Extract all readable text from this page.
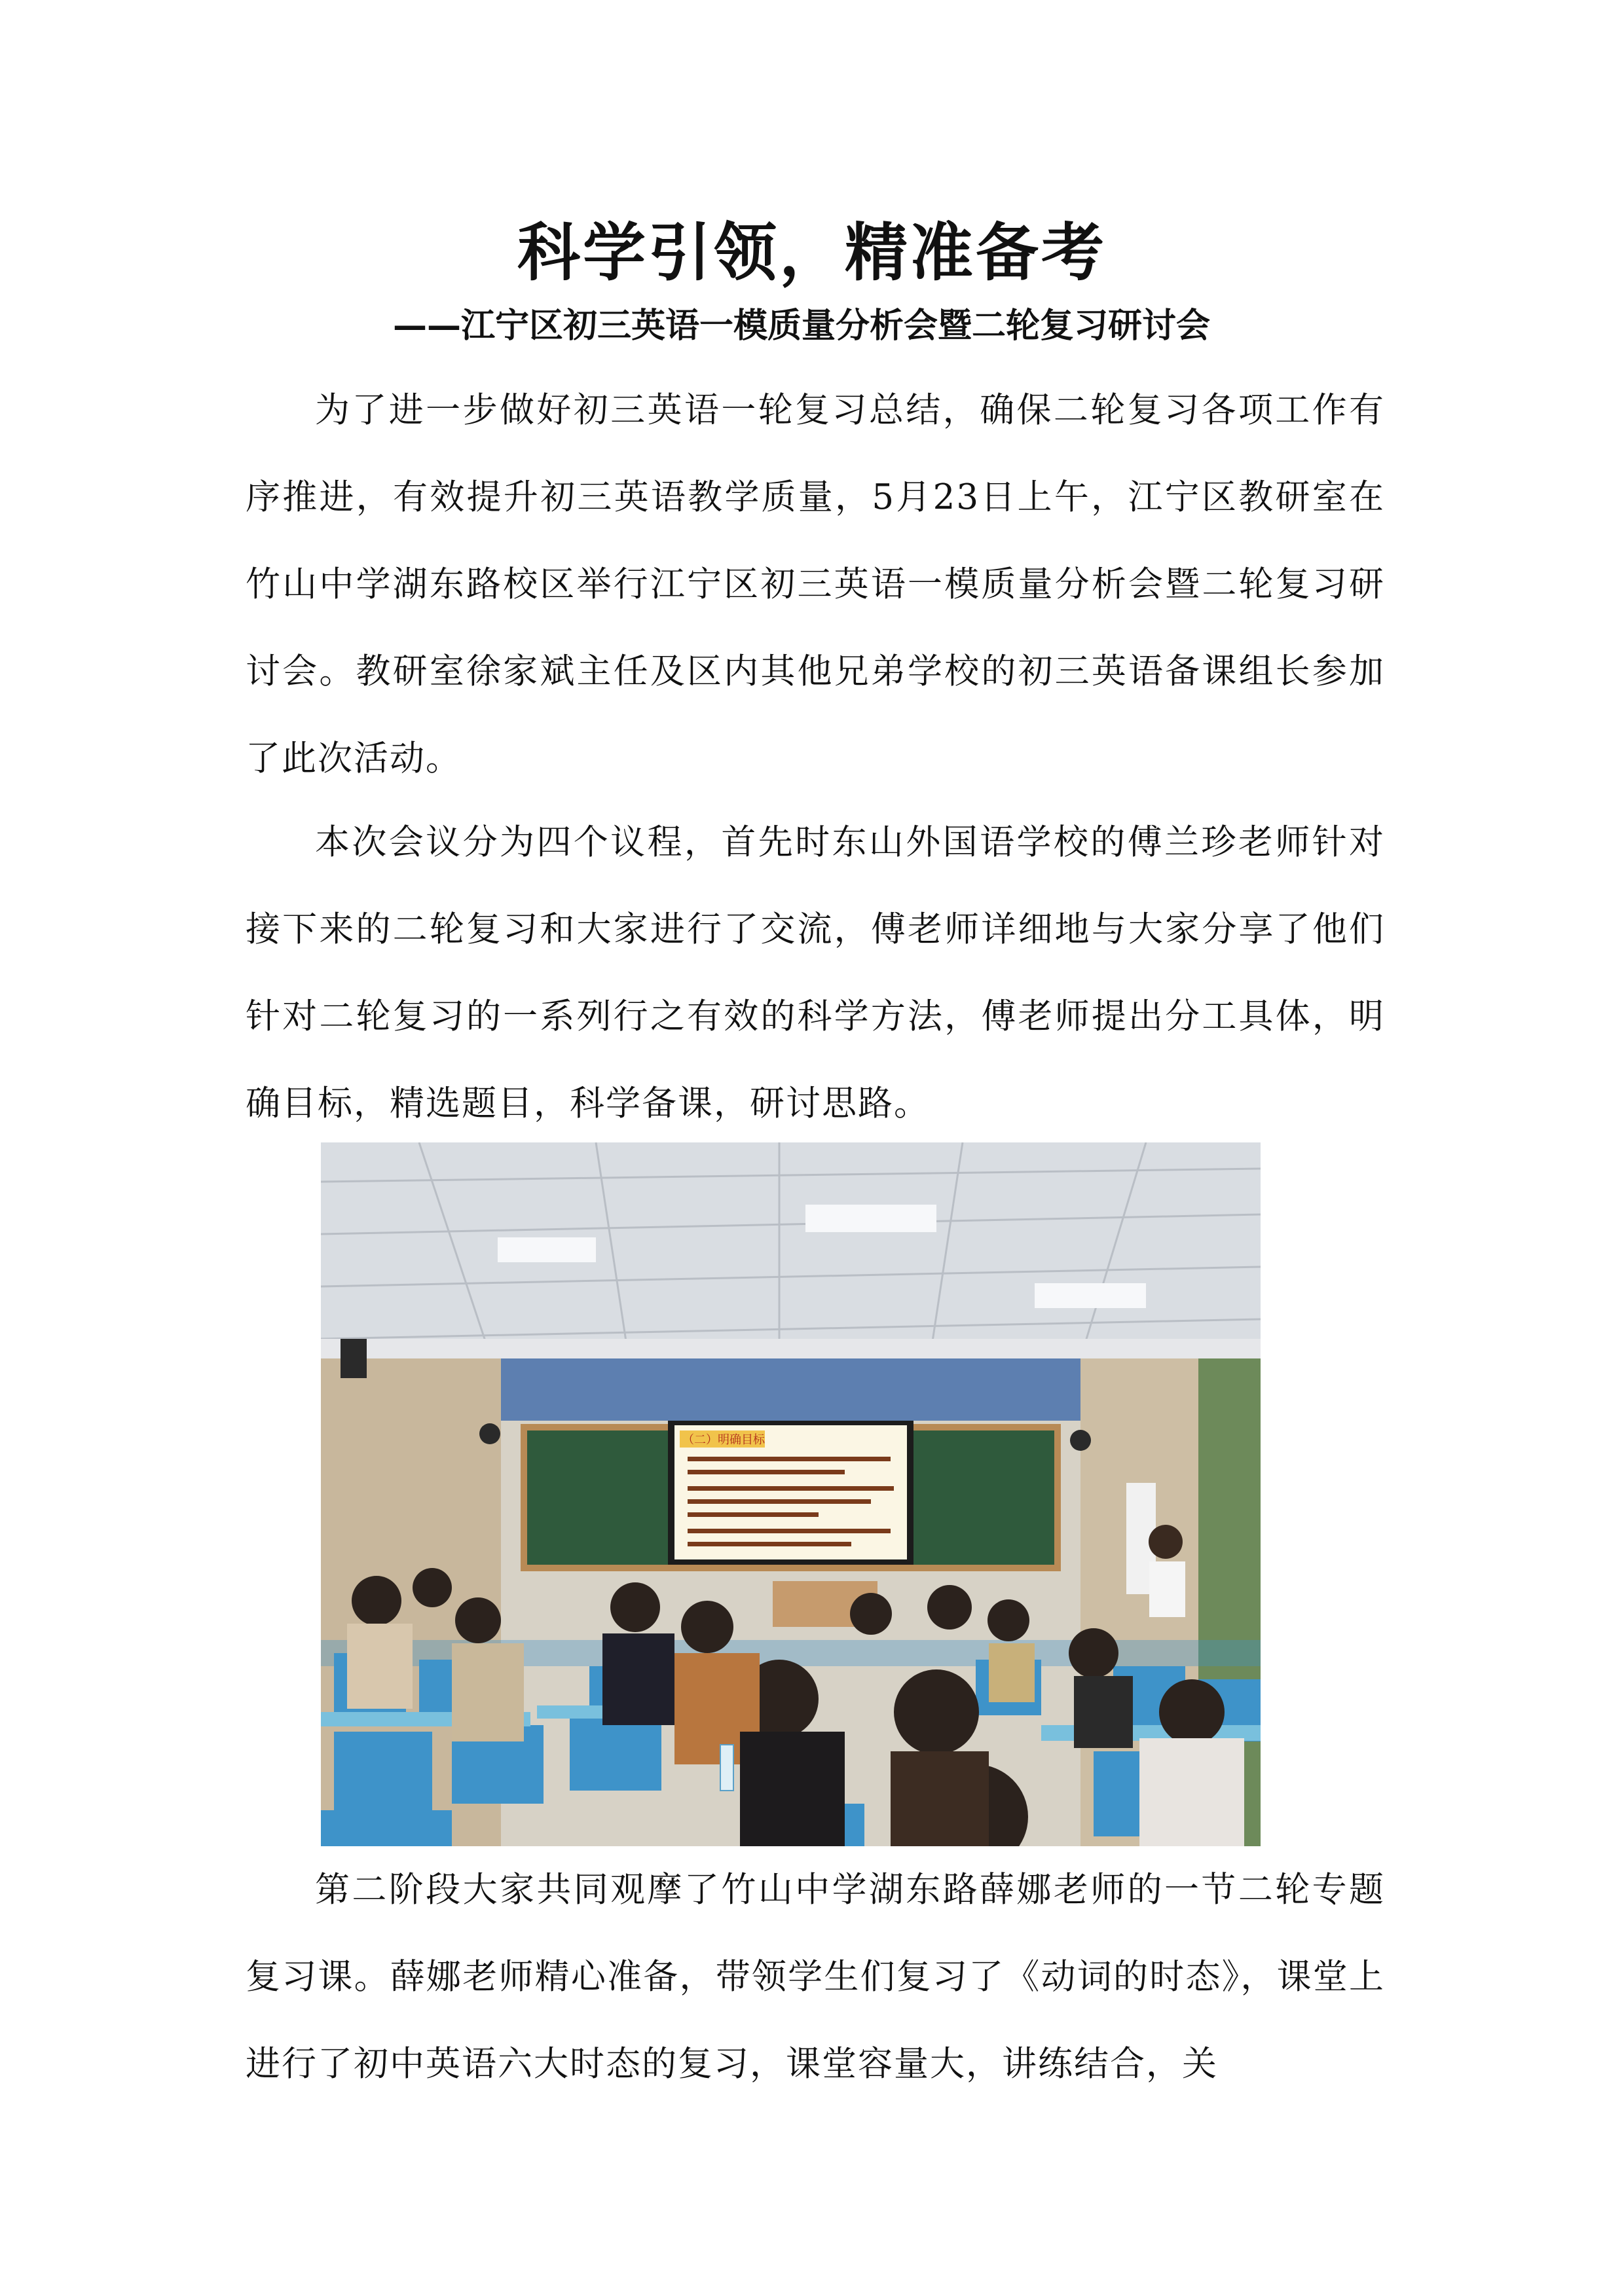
科学引领，精准备考
——江宁区初三英语一模质量分析会暨二轮复习研讨会

为了进一步做好初三英语一轮复习总结，确保二轮复习各项工作有序推进，有效提升初三英语教学质量，5月23日上午，江宁区教研室在竹山中学湖东路校区举行江宁区初三英语一模质量分析会暨二轮复习研讨会。教研室徐家斌主任及区内其他兄弟学校的初三英语备课组长参加了此次活动。

本次会议分为四个议程，首先时东山外国语学校的傅兰珍老师针对接下来的二轮复习和大家进行了交流，傅老师详细地与大家分享了他们针对二轮复习的一系列行之有效的科学方法，傅老师提出分工具体，明确目标，精选题目，科学备课，研讨思路。

（二）明确目标

第二阶段大家共同观摩了竹山中学湖东路薛娜老师的一节二轮专题复习课。薛娜老师精心准备，带领学生们复习了《动词的时态》，课堂上进行了初中英语六大时态的复习，课堂容量大，讲练结合，关
